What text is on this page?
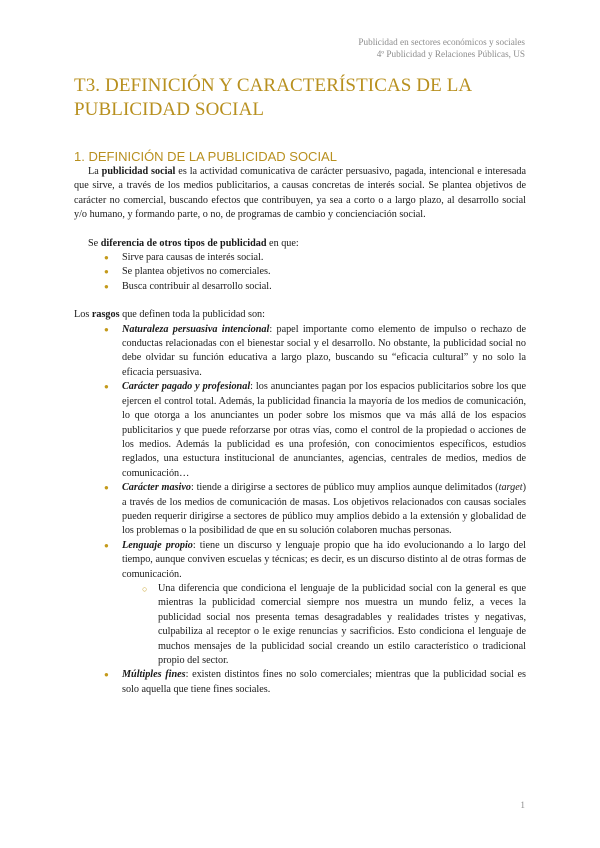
Publicidad en sectores económicos y sociales
4º Publicidad y Relaciones Públicas, US
T3. DEFINICIÓN Y CARACTERÍSTICAS DE LA PUBLICIDAD SOCIAL
1. DEFINICIÓN DE LA PUBLICIDAD SOCIAL

La publicidad social es la actividad comunicativa de carácter persuasivo, pagada, intencional e interesada que sirve, a través de los medios publicitarios, a causas concretas de interés social. Se plantea objetivos de carácter no comercial, buscando efectos que contribuyen, ya sea a corto o a largo plazo, al desarrollo social y/o humano, y formando parte, o no, de programas de cambio y concienciación social.

Se diferencia de otros tipos de publicidad en que:

● Sirve para causas de interés social.
● Se plantea objetivos no comerciales.
● Busca contribuir al desarrollo social.

Los rasgos que definen toda la publicidad son:

● Naturaleza persuasiva intencional: papel importante como elemento de impulso o rechazo de conductas relacionadas con el bienestar social y el desarrollo. No obstante, la publicidad social no debe olvidar su función educativa a largo plazo, buscando su “eficacia cultural” y no solo la eficacia persuasiva.
● Carácter pagado y profesional: los anunciantes pagan por los espacios publicitarios sobre los que ejercen el control total. Además, la publicidad financia la mayoría de los medios de comunicación, lo que otorga a los anunciantes un poder sobre los mismos que va más allá de los espacios publicitarios y que puede reforzarse por otras vías, como el control de la propiedad o acciones de los medios. Además la publicidad es una profesión, con conocimientos específicos, estudios reglados, una estuctura institucional de anunciantes, agencias, centrales de medios, medios de comunicación…
● Carácter masivo: tiende a dirigirse a sectores de público muy amplios aunque delimitados (target) a través de los medios de comunicación de masas. Los objetivos relacionados con causas sociales pueden requerir dirigirse a sectores de público muy amplios debido a la extensión y globalidad de los problemas o la posibilidad de que en su solución colaboren muchas personas.
● Lenguaje propio: tiene un discurso y lenguaje propio que ha ido evolucionando a lo largo del tiempo, aunque conviven escuelas y técnicas; es decir, es un discurso distinto al de otras formas de comunicación.
○ Una diferencia que condiciona el lenguaje de la publicidad social con la general es que mientras la publicidad comercial siempre nos muestra un mundo feliz, a veces la publicidad social nos presenta temas desagradables y realidades tristes y negativas, culpabiliza al receptor o le exige renuncias y sacrificios. Esto condiciona el lenguaje de muchos mensajes de la publicidad social creando un estilo característico o tradicional propio del sector.
● Múltiples fines: existen distintos fines no solo comerciales; mientras que la publicidad social es solo aquella que tiene fines sociales.
1
